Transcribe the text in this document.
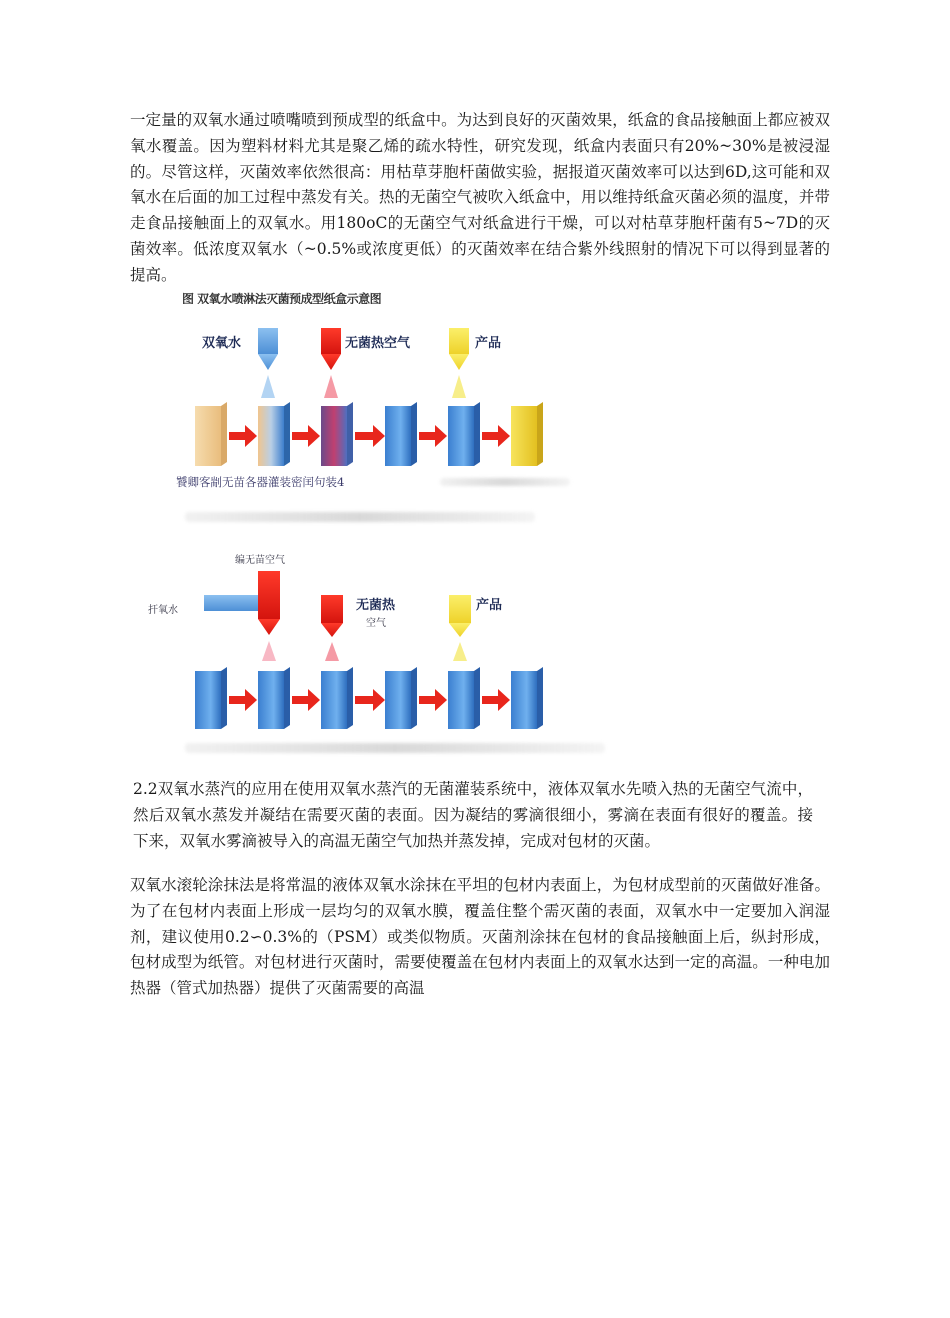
一定量的双氧水通过喷嘴喷到预成型的纸盒中。为达到良好的灭菌效果，纸盒的食品接触面上都应被双氧水覆盖。因为塑料材料尤其是聚乙烯的疏水特性，研究发现，纸盒内表面只有20%~30%是被浸湿的。尽管这样，灭菌效率依然很高：用枯草芽胞杆菌做实验，据报道灭菌效率可以达到6D,这可能和双氧水在后面的加工过程中蒸发有关。热的无菌空气被吹入纸盒中，用以维持纸盒灭菌必须的温度，并带走食品接触面上的双氧水。用180oC的无菌空气对纸盒进行干燥，可以对枯草芽胞杆菌有5~7D的灭菌效率。低浓度双氧水（~0.5%或浓度更低）的灭菌效率在结合紫外线照射的情况下可以得到显著的提高。

图 双氧水喷淋法灭菌预成型纸盒示意图
双氧水	无菌热空气	产品
饕卿客剬无苗各器灌装密闰句装4
编无苗空气
扞氧水	无菌热
空气
产品

2.2双氧水蒸汽的应用在使用双氧水蒸汽的无菌灌装系统中，液体双氧水先喷入热的无菌空气流中，然后双氧水蒸发并凝结在需要灭菌的表面。因为凝结的雾滴很细小，雾滴在表面有很好的覆盖。接下来，双氧水雾滴被导入的高温无菌空气加热并蒸发掉，完成对包材的灭菌。

双氧水滚轮涂抹法是将常温的液体双氧水涂抹在平坦的包材内表面上，为包材成型前的灭菌做好准备。为了在包材内表面上形成一层均匀的双氧水膜，覆盖住整个需灭菌的表面，双氧水中一定要加入润湿剂，建议使用0.2∽0.3%的（PSM）或类似物质。灭菌剂涂抹在包材的食品接触面上后，纵封形成，包材成型为纸管。对包材进行灭菌时，需要使覆盖在包材内表面上的双氧水达到一定的高温。一种电加热器（管式加热器）提供了灭菌需要的高温
